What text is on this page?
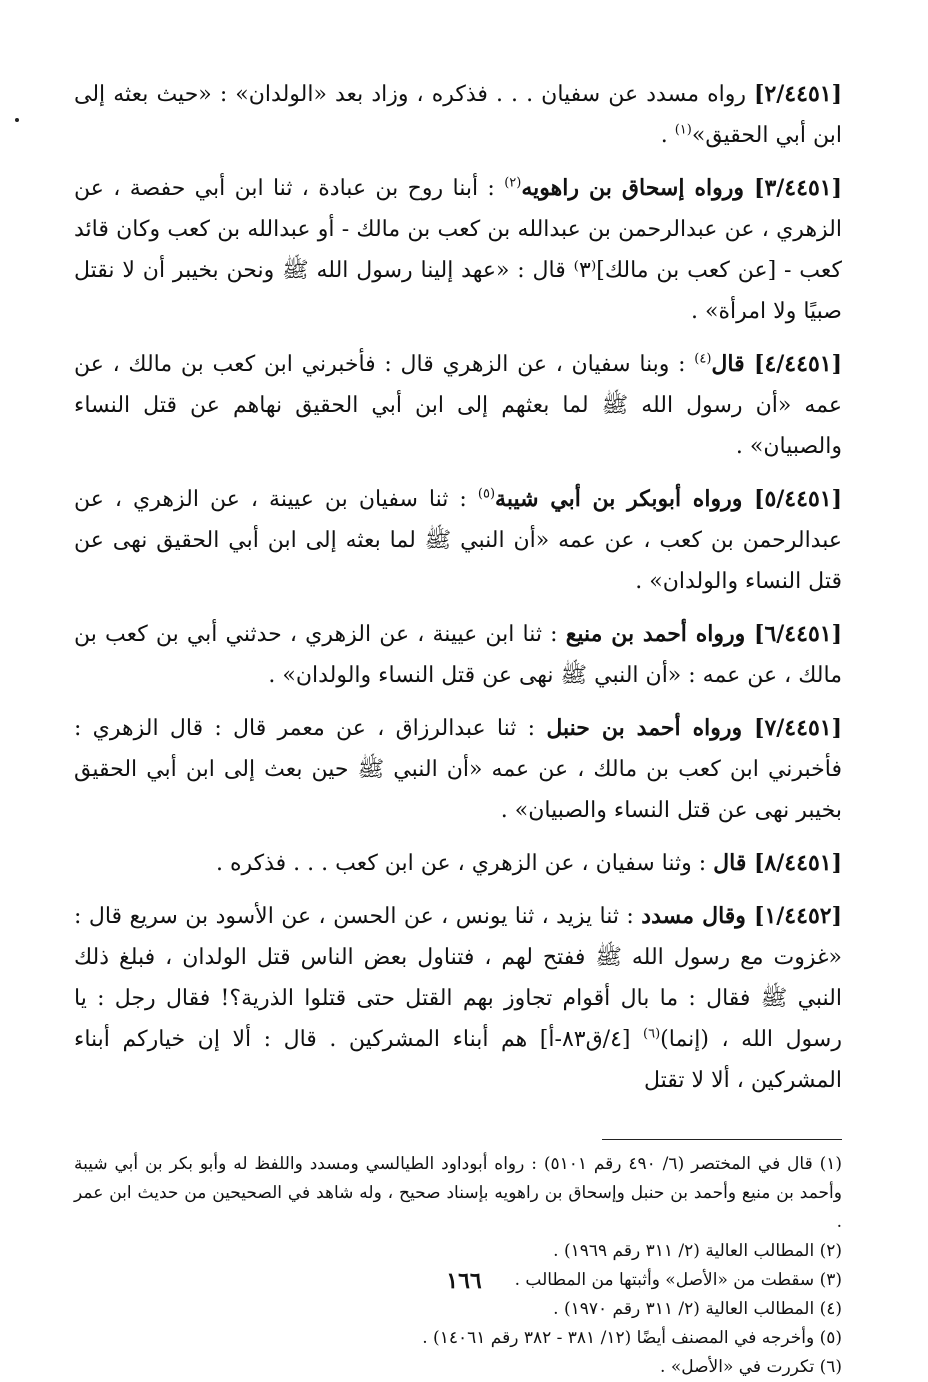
[٢/٤٤٥١] رواه مسدد عن سفيان . . . فذكره ، وزاد بعد «الولدان» : «حيث بعثه إلى ابن أبي الحقيق»$^{(١)}$ .

[٣/٤٤٥١] ورواه إسحاق بن راهويه$^{(٢)}$ : أبنا روح بن عبادة ، ثنا ابن أبي حفصة ، عن الزهري ، عن عبدالرحمن بن عبدالله بن كعب بن مالك - أو عبدالله بن كعب وكان قائد كعب - [عن كعب بن مالك]⁽٣⁾ قال : «عهد إلينا رسول الله ﷺ ونحن بخيبر أن لا نقتل صبيًا ولا امرأة» .

[٤/٤٤٥١] قال$^{(٤)}$ : وبنا سفيان ، عن الزهري قال : فأخبرني ابن كعب بن مالك ، عن عمه «أن رسول الله ﷺ لما بعثهم إلى ابن أبي الحقيق نهاهم عن قتل النساء والصبيان» .

[٥/٤٤٥١] ورواه أبوبكر بن أبي شيبة$^{(٥)}$ : ثنا سفيان بن عيينة ، عن الزهري ، عن عبدالرحمن بن كعب ، عن عمه «أن النبي ﷺ لما بعثه إلى ابن أبي الحقيق نهى عن قتل النساء والولدان» .

[٦/٤٤٥١] ورواه أحمد بن منيع : ثنا ابن عيينة ، عن الزهري ، حدثني أبي بن كعب بن مالك ، عن عمه : «أن النبي ﷺ نهى عن قتل النساء والولدان» .

[٧/٤٤٥١] ورواه أحمد بن حنبل : ثنا عبدالرزاق ، عن معمر قال : قال الزهري : فأخبرني ابن كعب بن مالك ، عن عمه «أن النبي ﷺ حين بعث إلى ابن أبي الحقيق بخيبر نهى عن قتل النساء والصبيان» .

[٨/٤٤٥١] قال : وثنا سفيان ، عن الزهري ، عن ابن كعب . . . فذكره .

[١/٤٤٥٢] وقال مسدد : ثنا يزيد ، ثنا يونس ، عن الحسن ، عن الأسود بن سريع قال : «غزوت مع رسول الله ﷺ ففتح لهم ، فتناول بعض الناس قتل الولدان ، فبلغ ذلك النبي ﷺ فقال : ما بال أقوام تجاوز بهم القتل حتى قتلوا الذرية؟! فقال رجل : يا رسول الله ، (إنما)$^{(٦)}$ [٤/ق٨٣-أ] هم أبناء المشركين . قال : ألا إن خياركم أبناء المشركين ، ألا لا تقتل

(١) قال في المختصر (٦/ ٤٩٠ رقم ٥١٠١) : رواه أبوداود الطيالسي ومسدد واللفظ له وأبو بكر بن أبي شيبة وأحمد بن منيع وأحمد بن حنبل وإسحاق بن راهويه بإسناد صحيح ، وله شاهد في الصحيحين من حديث ابن عمر .

(٢) المطالب العالية (٢/ ٣١١ رقم ١٩٦٩) .

(٣) سقطت من «الأصل» وأثبتها من المطالب .

(٤) المطالب العالية (٢/ ٣١١ رقم ١٩٧٠) .

(٥) وأخرجه في المصنف أيضًا (١٢/ ٣٨١ - ٣٨٢ رقم ١٤٠٦١) .

(٦) تكررت في «الأصل» .

١٦٦
